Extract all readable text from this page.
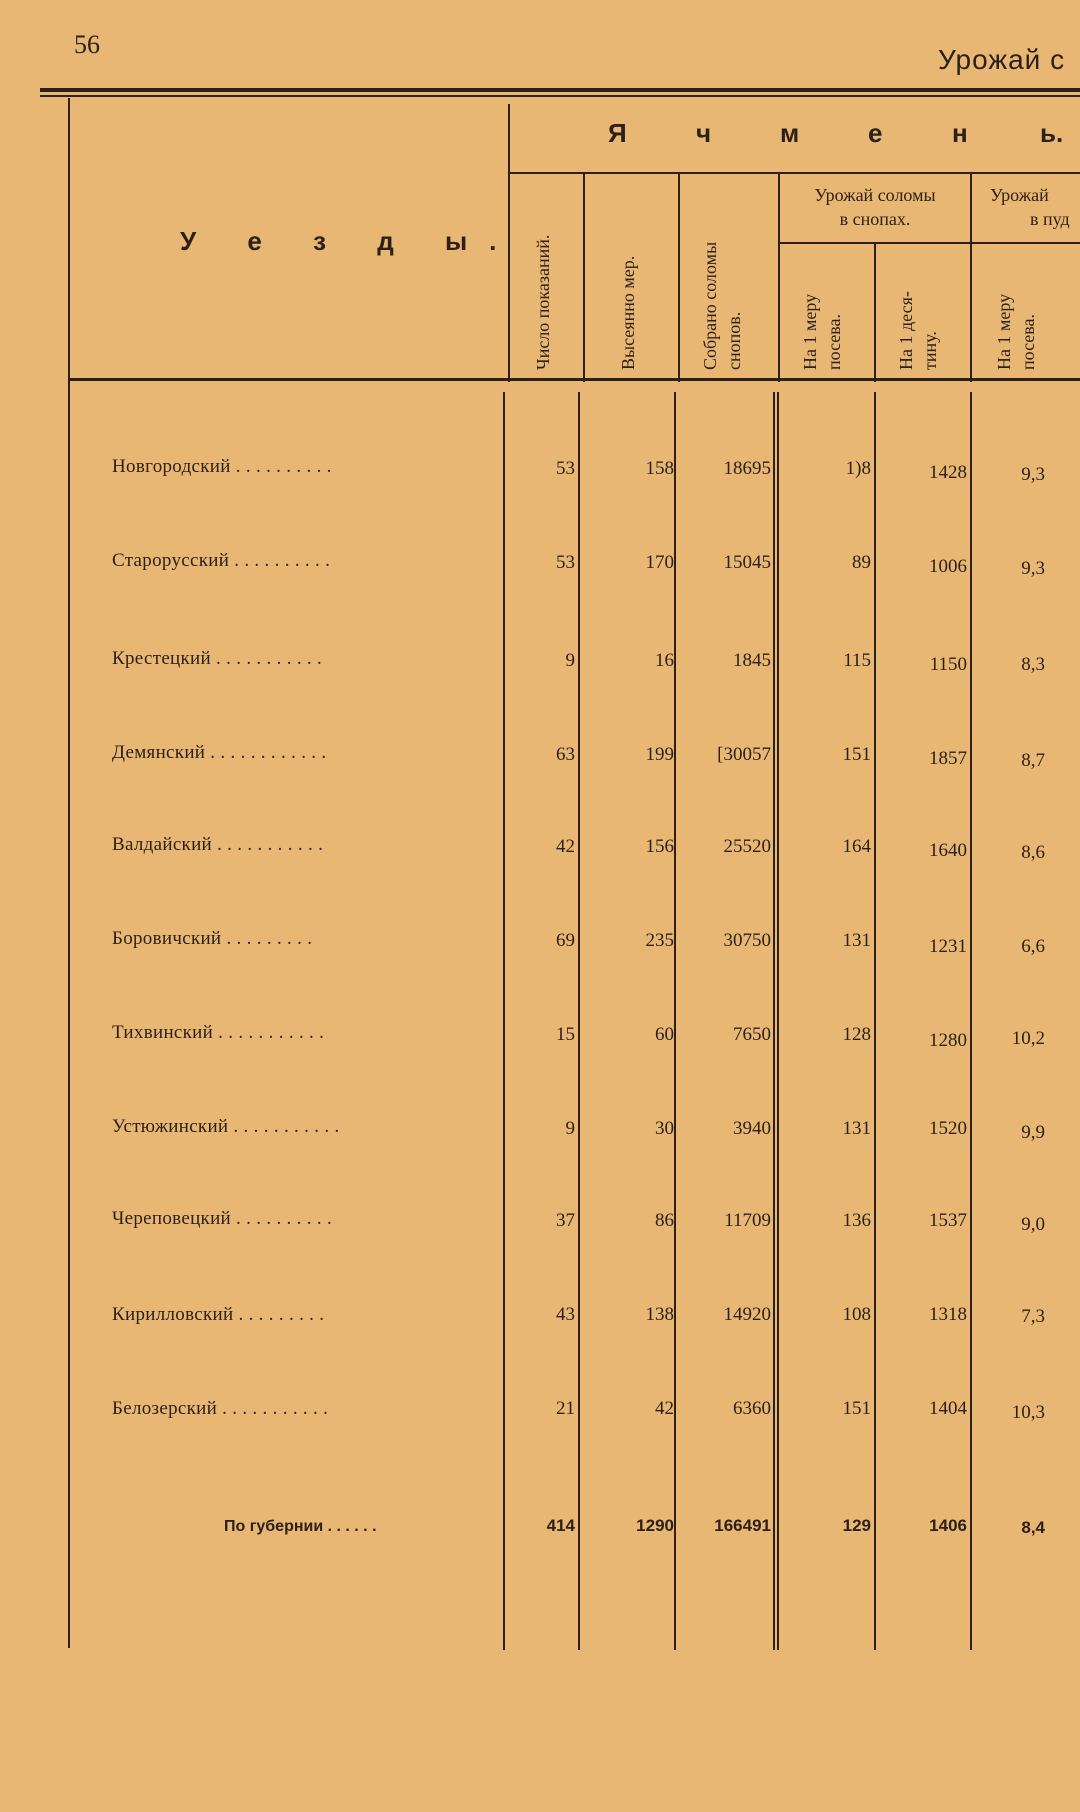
56	Урожай с
У е з д ы.
Я	ч	м	е	н	ь.
Число показаний.	Высеянно мер.	Собрано соломы снопов.
Урожай соломы
в снопах.
На 1 меру посева.	На 1 деся- тину.
Урожай
в пуд
На 1 меру посева.
Новгородский . . . . . . . . . .	53	158	18695	1)8	1428	9,3
Старорусский . . . . . . . . . .	53	170	15045	89	1006	9,3
Крестецкий . . . . . . . . . . .	9	16	1845	115	1150	8,3
Демянский . . . . . . . . . . . .	63	199	[30057	151	1857	8,7
Валдайский . . . . . . . . . . .	42	156	25520	164	1640	8,6
Боровичский . . . . . . . . .	69	235	30750	131	1231	6,6
Тихвинский . . . . . . . . . . .	15	60	7650	128	1280	10,2
Устюжинский . . . . . . . . . . .	9	30	3940	131	1520	9,9
Череповецкий . . . . . . . . . .	37	86	11709	136	1537	9,0
Кирилловский . . . . . . . . .	43	138	14920	108	1318	7,3
Белозерский . . . . . . . . . . .	21	42	6360	151	1404	10,3
По губернии . . . . . .	414	1290	166491	129	1406	8,4
